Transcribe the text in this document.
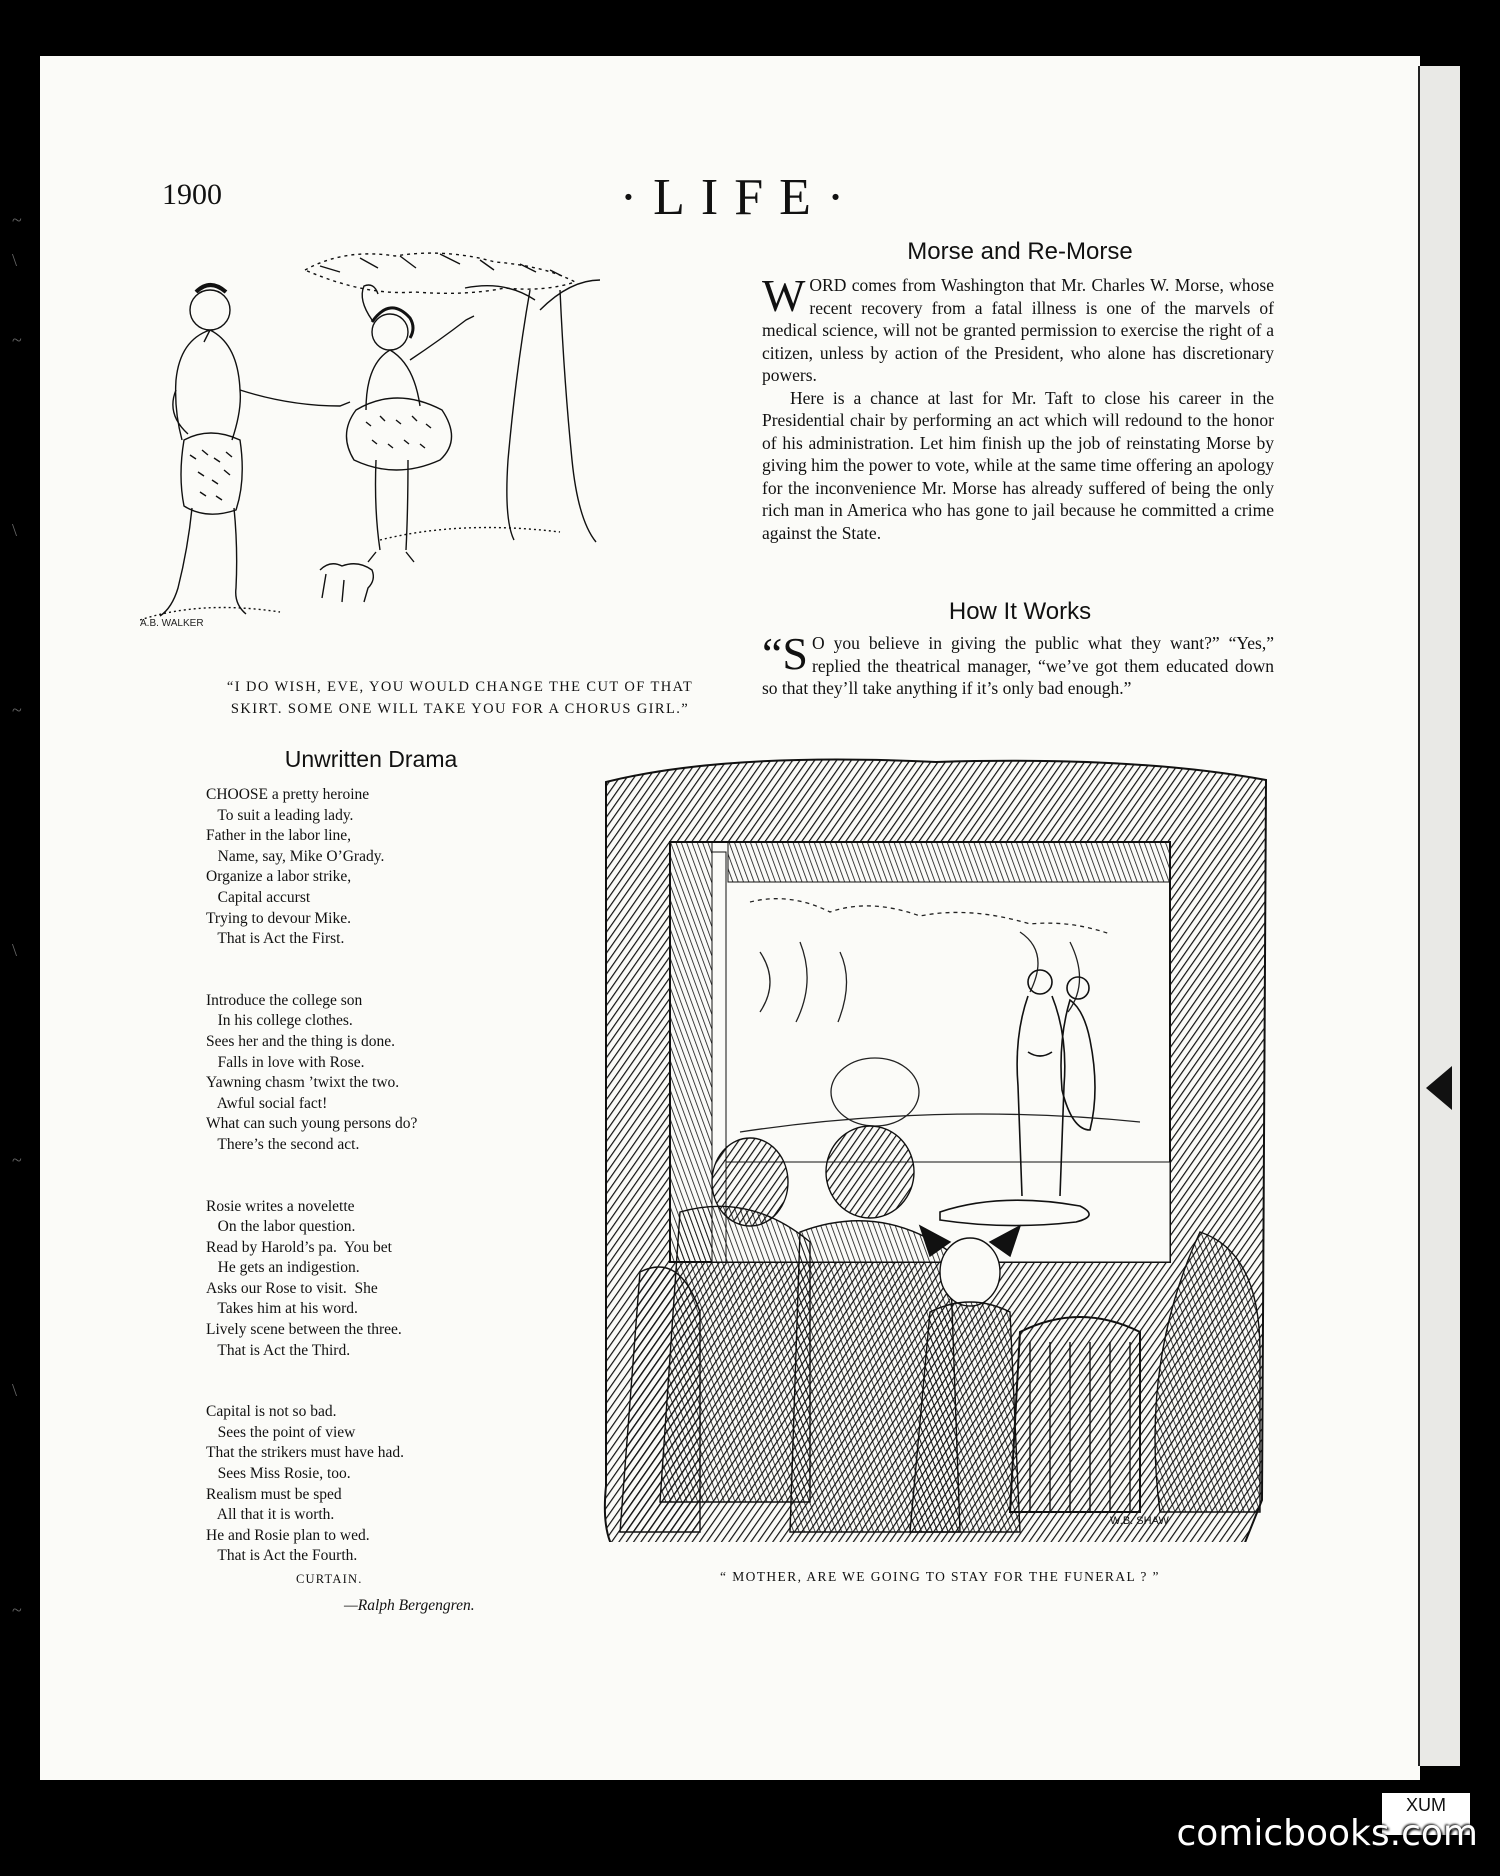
~
\
~
\
~
\
~
\
~
1900	·LIFE·
A.B. WALKER
“I DO WISH, EVE, YOU WOULD CHANGE THE CUT OF THAT
SKIRT. SOME ONE WILL TAKE YOU FOR A CHORUS GIRL.”
Morse and Re-Morse

WORD comes from Washington that Mr. Charles W. Morse, whose recent recovery from a fatal illness is one of the marvels of medical science, will not be granted permission to exercise the right of a citizen, unless by action of the President, who alone has discretionary powers.

Here is a chance at last for Mr. Taft to close his career in the Presidential chair by performing an act which will redound to the honor of his administration. Let him finish up the job of reinstating Morse by giving him the power to vote, while at the same time offering an apology for the inconvenience Mr. Morse has already suffered of being the only rich man in America who has gone to jail because he committed a crime against the State.

How It Works

“S O you believe in giving the public what they want?” “Yes,” replied the theatrical manager, “we’ve got them educated down so that they’ll take anything if it’s only bad enough.”

Unwritten Drama
CHOOSE a pretty heroine
To suit a leading lady.
Father in the labor line,
Name, say, Mike O’Grady.
Organize a labor strike,
Capital accurst
Trying to devour Mike.
That is Act the First.
Introduce the college son
In his college clothes.
Sees her and the thing is done.
Falls in love with Rose.
Yawning chasm ’twixt the two.
Awful social fact!
What can such young persons do?
There’s the second act.
Rosie writes a novelette
On the labor question.
Read by Harold’s pa.  You bet
He gets an indigestion.
Asks our Rose to visit.  She
Takes him at his word.
Lively scene between the three.
That is Act the Third.
Capital is not so bad.
Sees the point of view
That the strikers must have had.
Sees Miss Rosie, too.
Realism must be sped
All that it is worth.
He and Rosie plan to wed.
That is Act the Fourth.
CURTAIN.
—Ralph Bergengren.
W.B. SHAW
“ MOTHER, ARE WE GOING TO STAY FOR THE FUNERAL ? ”
XUM
comicbooks.com
